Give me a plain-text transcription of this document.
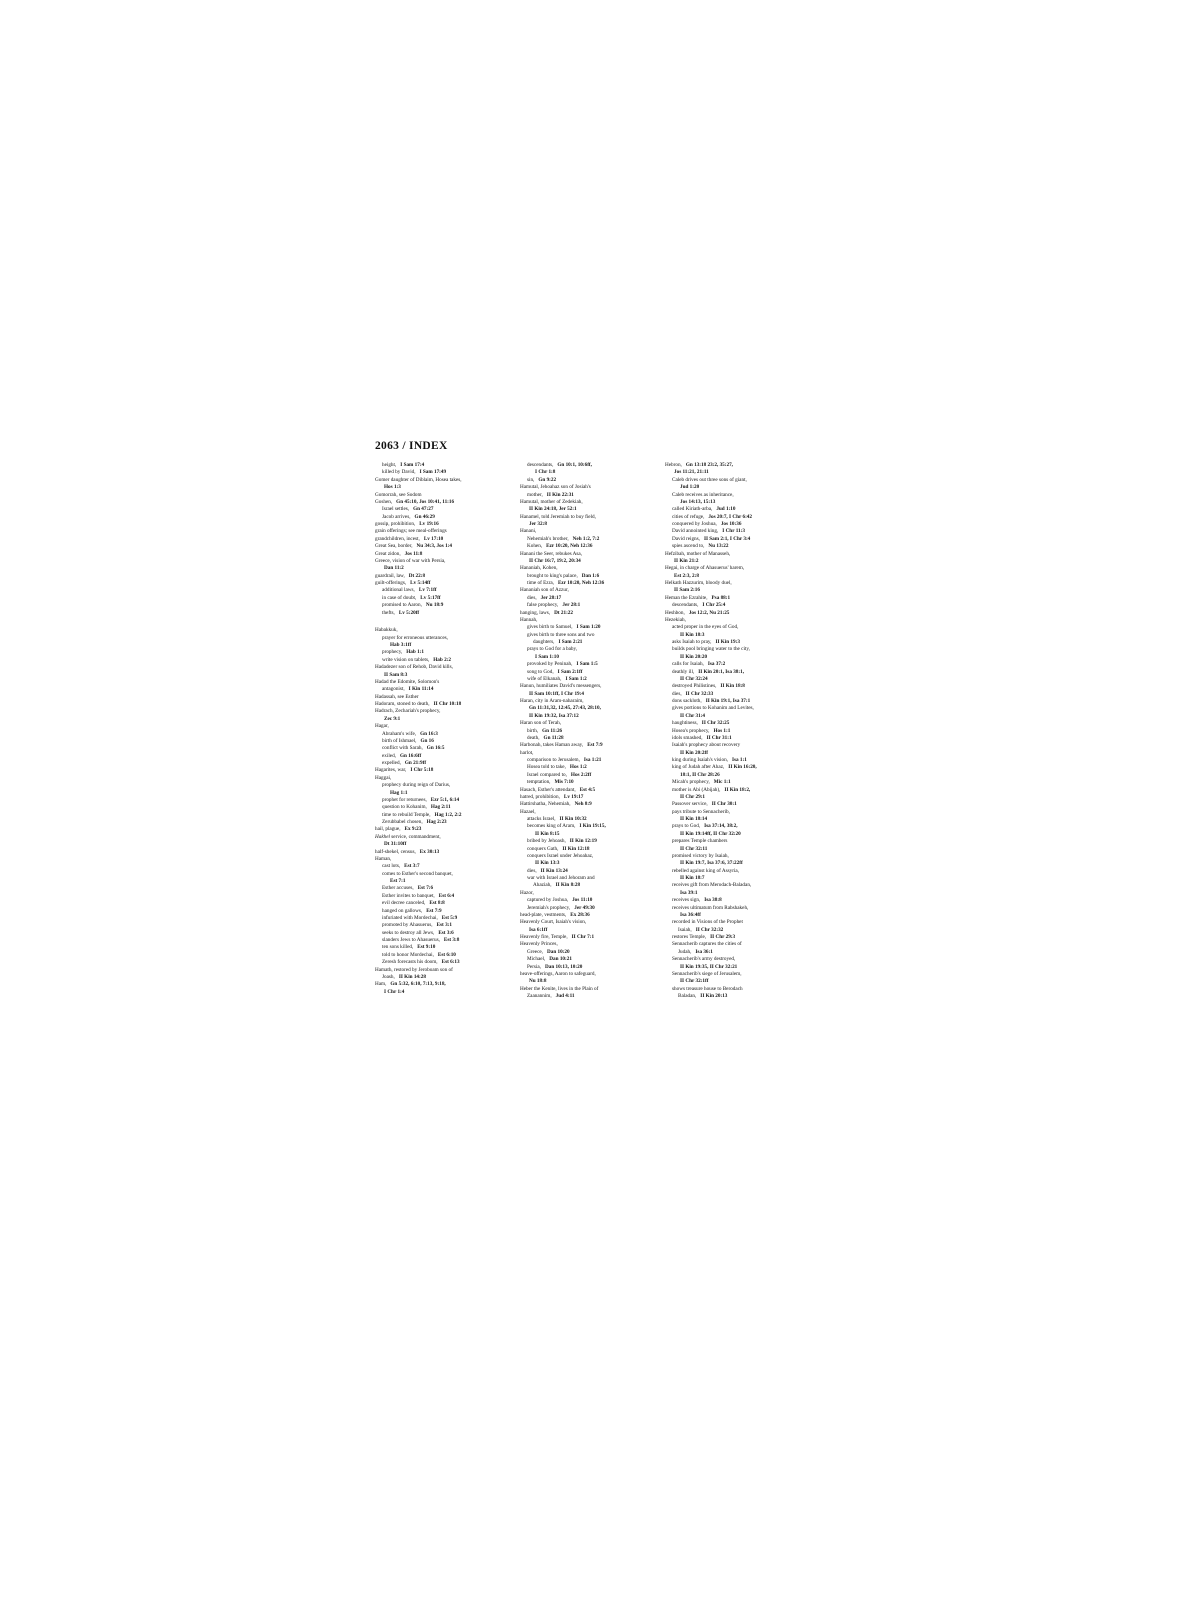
2063 / INDEX
height, I Sam 17:4
killed by David, I Sam 17:49
Gomer daughter of Diblaim, Hosea takes,
Hos 1:3
Gomorrah, see Sodom
Goshen, Gn 45:10, Jos 10:41, 11:16
Israel settles, Gn 47:27
Jacob arrives, Gn 46:29
gossip, prohibition, Lv 19:16
grain offerings; see meal-offerings
grandchildren, incest, Lv 17:10
Great Sea, border, Nu 34:3, Jos 1:4
Great zidon, Jos 11:8
Greece, vision of war with Persia,
Dan 11:2
guardrail, law, Dt 22:8
guilt-offerings, Lv 5:14ff
additional laws, Lv 7:1ff
in case of doubt, Lv 5:17ff
promised to Aaron, Nu 18:9
thefts, Lv 5:20ff

Habakkuk,
prayer for erroneous utterances,
Hab 3:1ff
prophecy, Hab 1:1
write vision on tablets, Hab 2:2
Hadadezer son of Rehob, David kills,
II Sam 8:3
Hadad the Edomite, Solomon's
antagonist, I Kin 11:14
Hadassah, see Esther
Hadoram, stoned to death, II Chr 10:18
Hadrach, Zechariah's prophecy,
Zec 9:1
Hagar,
Abraham's wife, Gn 16:3
birth of Ishmael, Gn 16
conflict with Sarah, Gn 16:5
exiled, Gn 16:6ff
expelled, Gn 21:9ff
Hagarites, war, I Chr 5:18
Haggai,
prophecy during reign of Darius,
Hag 1:1
prophet for returnees, Ezr 5:1, 6:14
question to Kohanim, Hag 2:11
time to rebuild Temple, Hag 1:2, 2:2
Zerubbabel chosen, Hag 2:23
hail, plague, Ex 9:23
Hakhel service, commandment,
Dt 31:10ff
half-shekel, census, Ex 30:13
Haman,
cast lots, Est 3:7
comes to Esther's second banquet,
Est 7:1
Esther accuses, Est 7:6
Esther invites to banquet, Est 6:4
evil decree canceled, Est 8:8
hanged on gallows, Est 7:9
infuriated with Mordechai, Est 5:9
promoted by Ahasuerus, Est 3:1
seeks to destroy all Jews, Est 3:6
slanders Jews to Ahasuerus, Est 3:8
ten sons killed, Est 9:10
told to honor Mordechai, Est 6:10
Zeresh forecasts his doom, Est 6:13
Hamath, restored by Jeroboam son of
Joash, II Kin 14:28
Ham, Gn 5:32, 6:10, 7:13, 9:18,
I Chr 1:4
descendants, Gn 10:1, 10:6ff,
I Chr 1:8
sin, Gn 9:22
Hamutal, Jehoahaz son of Josiah's
mother, II Kin 22:31
Hamutal, mother of Zedekiah,
II Kin 24:18, Jer 52:1
Hanamel, told Jeremiah to buy field,
Jer 32:8
Hanani,
Nehemiah's brother, Neh 1:2, 7:2
Kohen, Ezr 10:20, Neh 12:36
Hanani the Seer, rebukes Asa,
II Chr 16:7, 19:2, 20:34
Hananiah, Kohen,
brought to king's palace, Dan 1:6
time of Ezra, Ezr 10:20, Neh 12:36
Hananiah son of Azzur,
dies, Jer 28:17
false prophecy, Jer 28:1
hanging, laws, Dt 21:22
Hannah,
gives birth to Samuel, I Sam 1:20
gives birth to three sons and two
daughters, I Sam 2:21
prays to God for a baby,
I Sam 1:10
provoked by Peninah, I Sam 1:5
song to God, I Sam 2:1ff
wife of Elkanah, I Sam 1:2
Hanun, humiliates David's messengers,
II Sam 10:1ff, I Chr 19:4
Haran, city in Aram-naharaim,
Gn 11:31,32, 12:45, 27:43, 28:10,
II Kin 19:32, Isa 37:12
Haran son of Terah,
birth, Gn 11:26
death, Gn 11:28
Harbonah, takes Haman away, Est 7:9
harlot,
comparison to Jerusalem, Isa 1:21
Hosea told to take, Hos 1:2
Israel compared to, Hos 2:2ff
temptation, Mis 7:10
Hasach, Esther's attendant, Est 4:5
hatred, prohibition, Lv 19:17
Hattirshatha, Nehemiah, Neh 8:9
Hazael,
attacks Israel, II Kin 10:32
becomes king of Aram, I Kin 19:15,
II Kin 8:15
bribed by Jehoash, II Kin 12:19
conquers Gath, II Kin 12:18
conquers Israel under Jehoahaz,
II Kin 13:3
dies, II Kin 13:24
war with Israel and Jehoram and
Ahaziah, II Kin 8:28
Hazor,
captured by Joshua, Jos 11:10
Jeremiah's prophecy, Jer 49:30
head-plate, vestments, Ex 28:36
Heavenly Court, Isaiah's vision,
Isa 6:1ff
Heavenly fire, Temple, II Chr 7:1
Heavenly Princes,
Greece, Dan 10:20
Michael, Dan 10:21
Persia, Dan 10:13, 10:20
heave-offerings, Aaron to safeguard,
Nu 18:8
Heber the Kenite, lives in the Plain of
Zaanannim, Jud 4:11
Hebron, Gn 13:18 23:2, 35:27,
Jos 11:21, 21:11
Caleb drives out three sons of giant,
Jud 1:20
Caleb receives as inheritance,
Jos 14:13, 15:13
called Kiriath-arba, Jud 1:10
cities of refuge, Jos 20:7, I Chr 6:42
conquered by Joshua, Jos 10:36
David annointed king, I Chr 11:3
David reigns, II Sam 2:1, I Chr 3:4
spies ascend to, Nu 13:22
Hefzibah, mother of Manasseh,
II Kin 21:2
Hegai, in charge of Ahasuerus' harem,
Est 2:3, 2:8
Helkath Hazzurim, bloody duel,
II Sam 2:16
Heman the Ezrahite, Psa 88:1
descendants, I Chr 25:4
Heshbon, Jos 12:2, Nu 21:25
Hezekiah,
acted proper in the eyes of God,
II Kin 18:3
asks Isaiah to pray, II Kin 19:3
builds pool bringing water to the city,
II Kin 20:20
calls for Isaiah, Isa 37:2
deathly ill, II Kin 20:1, Isa 38:1,
II Chr 32:24
destroyed Philistines, II Kin 18:8
dies, II Chr 32:33
dons sackloth, II Kin 19:1, Isa 37:1
gives portions to Kohanim and Levites,
II Chr 31:4
haughtiness, II Chr 32:25
Hosea's prophecy, Hos 1:1
idols smashed, II Chr 31:1
Isaiah's prophecy about recovery
II Kin 20:2ff
king during Isaiah's vision, Isa 1:1
king of Judah after Ahaz, II Kin 16:20,
18:1, II Chr 28:26
Micah's prophecy, Mic 1:1
mother is Abi (Abijah), II Kin 18:2,
II Chr 29:1
Passover service, II Chr 30:1
pays tribute to Sennacherib,
II Kin 18:14
prays to God, Isa 37:14, 38:2,
II Kin 19:14ff, II Chr 32:20
prepares Temple chambers
II Chr 32:11
promised victory by Isaiah,
II Kin 19:7, Isa 37:6, 37:22ff
rebelled against king of Assyria,
II Kin 18:7
receives gift from Merodach-Baladan,
Isa 39:1
receives sign, Isa 38:8
receives ultimatum from Rabshakeh,
Isa 36:4ff
recorded in Visions of the Prophet
Isaiah, II Chr 32:32
restores Temple, II Chr 29:3
Sennacherib captures the cities of
Judah, Isa 36:1
Sennacherib's army destroyed,
II Kin 19:35, II Chr 32:21
Sennacherib's siege of Jerusalem,
II Chr 32:1ff
shows treasure house to Berodach
Baladan, II Kin 20:13
